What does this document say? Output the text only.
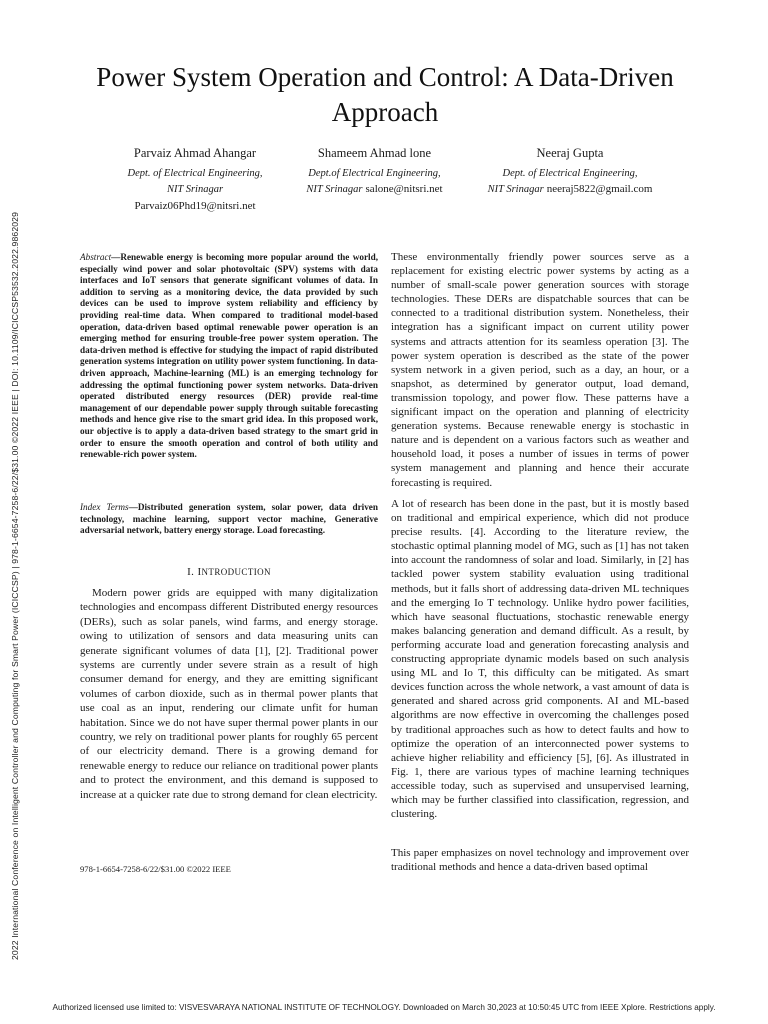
2022 International Conference on Intelligent Controller and Computing for Smart Power (ICICCSP) | 978-1-6654-7258-6/22/$31.00 ©2022 IEEE | DOI: 10.1109/ICICCSP53532.2022.9862029
Power System Operation and Control: A Data-Driven Approach
Parvaiz Ahmad Ahangar
Dept. of Electrical Engineering,
NIT Srinagar
Parvaiz06Phd19@nitsri.net
Shameem Ahmad lone
Dept.of Electrical Engineering,
NIT Srinagar salone@nitsri.net
Neeraj Gupta
Dept. of Electrical Engineering,
NIT Srinagar neeraj5822@gmail.com
Abstract—Renewable energy is becoming more popular around the world, especially wind power and solar photovoltaic (SPV) systems with data interfaces and IoT sensors that generate significant volumes of data. In addition to serving as a monitoring device, the data provided by such devices can be used to improve system reliability and efficiency by providing real-time data. When compared to traditional model-based operation, data-driven based optimal renewable power operation is an emerging method for ensuring trouble-free power system operation. The data-driven method is effective for studying the impact of rapid distributed generation systems integration on utility power system functioning. In data-driven approach, Machine-learning (ML) is an emerging technology for addressing the optimal functioning power system networks. Data-driven operated distributed energy resources (DER) provide real-time management of our dependable power supply through suitable forecasting methods and hence give rise to the smart grid idea. In this proposed work, our objective is to apply a data-driven based strategy to the smart grid in order to ensure the smooth operation and control of both utility and renewable-rich power system.
Index Terms—Distributed generation system, solar power, data driven technology, machine learning, support vector machine, Generative adversarial network, battery energy storage. Load forecasting.
I. INTRODUCTION
Modern power grids are equipped with many digitalization technologies and encompass different Distributed energy resources (DERs), such as solar panels, wind farms, and energy storage. owing to utilization of sensors and data measuring units can generate significant volumes of data [1], [2]. Traditional power systems are currently under severe strain as a result of high consumer demand for energy, and they are emitting significant volumes of carbon dioxide, such as in thermal power plants that use coal as an input, rendering our climate unfit for human habitation. Since we do not have super thermal power plants in our country, we rely on traditional power plants for roughly 65 percent of our electricity demand. There is a growing demand for renewable energy to reduce our reliance on traditional power plants and to protect the environment, and this demand is supposed to increase at a quicker rate due to strong demand for clean electricity.
These environmentally friendly power sources serve as a replacement for existing electric power systems by acting as a number of small-scale power generation sources with storage technologies. These DERs are dispatchable sources that can be connected to a traditional distribution system. Nonetheless, their integration has a significant impact on current utility power systems and attracts attention for its seamless operation [3]. The power system operation is described as the state of the power system network in a given period, such as a day, an hour, or a snapshot, as determined by generator output, load demand, transmission topology, and power flow. These patterns have a significant impact on the operation and planning of electricity generation systems. Because renewable energy is stochastic in nature and is dependent on a various factors such as weather and household load, it poses a number of issues in terms of power system management and planning and hence their accurate forecasting is required.
A lot of research has been done in the past, but it is mostly based on traditional and empirical experience, which did not produce precise results. [4]. According to the literature review, the stochastic optimal planning model of MG, such as [1] has not taken into account the randomness of solar and load. Similarly, in [2] has tackled power system stability evaluation using traditional methods, but it falls short of addressing data-driven ML techniques and the emerging Io T technology. Unlike hydro power facilities, which have seasonal fluctuations, stochastic renewable energy makes balancing generation and demand difficult. As a result, by performing accurate load and generation forecasting analysis and constructing appropriate dynamic models based on such analysis using ML and Io T, this difficulty can be mitigated. As smart devices function across the whole network, a vast amount of data is generated and shared across grid components. AI and ML-based algorithms are now effective in overcoming the challenges posed by traditional approaches such as how to detect faults and how to optimize the operation of an interconnected power systems to achieve higher reliability and efficiency [5], [6]. As illustrated in Fig. 1, there are various types of machine learning techniques accessible today, such as supervised and unsupervised learning, which may be further classified into classification, regression, and clustering.
This paper emphasizes on novel technology and improvement over traditional methods and hence a data-driven based optimal
978-1-6654-7258-6/22/$31.00 ©2022 IEEE
Authorized licensed use limited to: VISVESVARAYA NATIONAL INSTITUTE OF TECHNOLOGY. Downloaded on March 30,2023 at 10:50:45 UTC from IEEE Xplore. Restrictions apply.
